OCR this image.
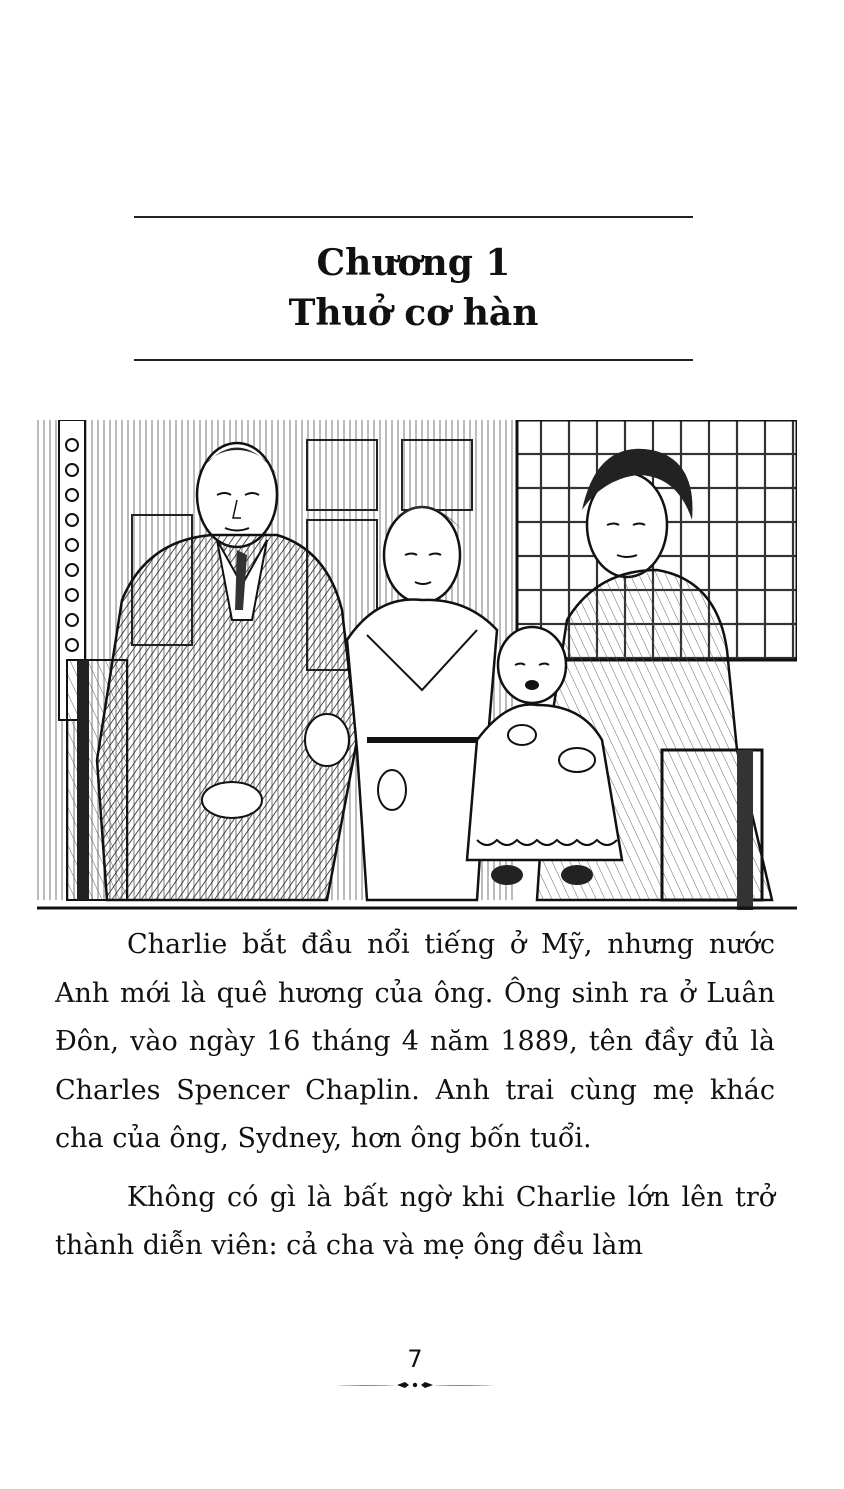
Chương 1
Thuở cơ hàn

Charlie bắt đầu nổi tiếng ở Mỹ, nhưng nước Anh mới là quê hương của ông. Ông sinh ra ở Luân Đôn, vào ngày 16 tháng 4 năm 1889, tên đầy đủ là Charles Spencer Chaplin. Anh trai cùng mẹ khác cha của ông, Sydney, hơn ông bốn tuổi.

Không có gì là bất ngờ khi Charlie lớn lên trở thành diễn viên: cả cha và mẹ ông đều làm

7
